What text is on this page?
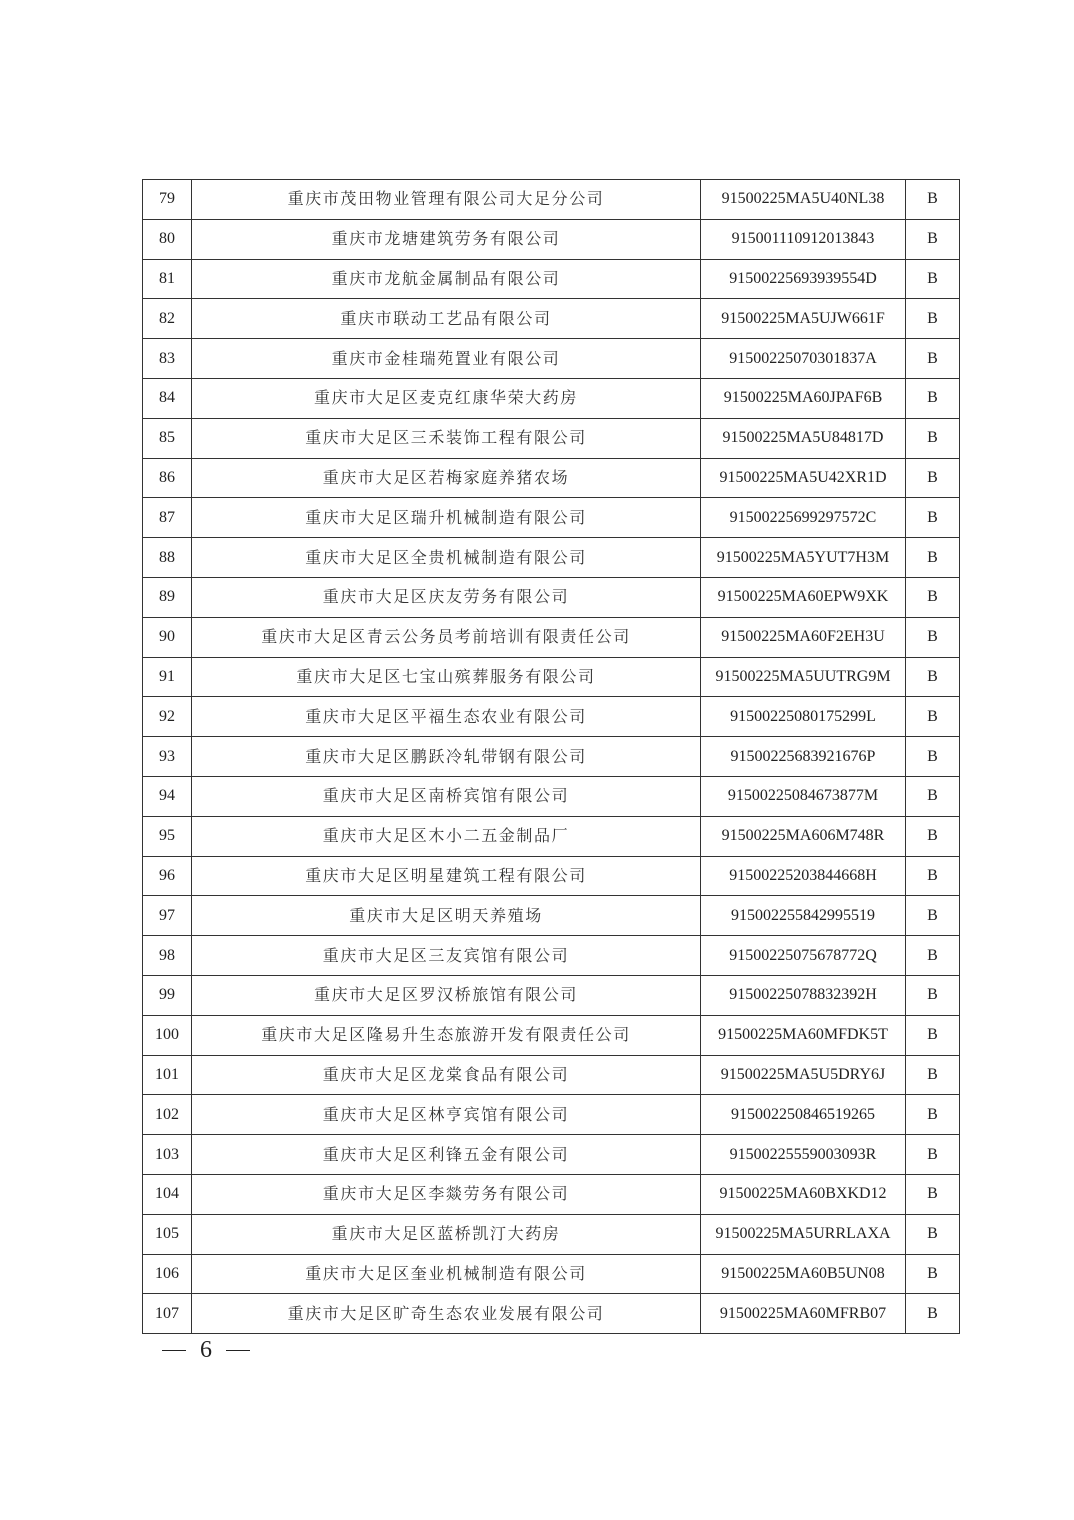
79	重庆市茂田物业管理有限公司大足分公司	91500225MA5U40NL38	B
80	重庆市龙塘建筑劳务有限公司	915001110912013843	B
81	重庆市龙航金属制品有限公司	91500225693939554D	B
82	重庆市联动工艺品有限公司	91500225MA5UJW661F	B
83	重庆市金桂瑞苑置业有限公司	91500225070301837A	B
84	重庆市大足区麦克红康华荣大药房	91500225MA60JPAF6B	B
85	重庆市大足区三禾装饰工程有限公司	91500225MA5U84817D	B
86	重庆市大足区若梅家庭养猪农场	91500225MA5U42XR1D	B
87	重庆市大足区瑞升机械制造有限公司	91500225699297572C	B
88	重庆市大足区全贵机械制造有限公司	91500225MA5YUT7H3M	B
89	重庆市大足区庆友劳务有限公司	91500225MA60EPW9XK	B
90	重庆市大足区青云公务员考前培训有限责任公司	91500225MA60F2EH3U	B
91	重庆市大足区七宝山殡葬服务有限公司	91500225MA5UUTRG9M	B
92	重庆市大足区平福生态农业有限公司	91500225080175299L	B
93	重庆市大足区鹏跃冷轧带钢有限公司	91500225683921676P	B
94	重庆市大足区南桥宾馆有限公司	91500225084673877M	B
95	重庆市大足区木小二五金制品厂	91500225MA606M748R	B
96	重庆市大足区明星建筑工程有限公司	91500225203844668H	B
97	重庆市大足区明天养殖场	915002255842995519	B
98	重庆市大足区三友宾馆有限公司	91500225075678772Q	B
99	重庆市大足区罗汉桥旅馆有限公司	91500225078832392H	B
100	重庆市大足区隆易升生态旅游开发有限责任公司	91500225MA60MFDK5T	B
101	重庆市大足区龙棠食品有限公司	91500225MA5U5DRY6J	B
102	重庆市大足区林亨宾馆有限公司	915002250846519265	B
103	重庆市大足区利锋五金有限公司	91500225559003093R	B
104	重庆市大足区李燚劳务有限公司	91500225MA60BXKD12	B
105	重庆市大足区蓝桥凯汀大药房	91500225MA5URRLAXA	B
106	重庆市大足区奎业机械制造有限公司	91500225MA60B5UN08	B
107	重庆市大足区旷奇生态农业发展有限公司	91500225MA60MFRB07	B
6
